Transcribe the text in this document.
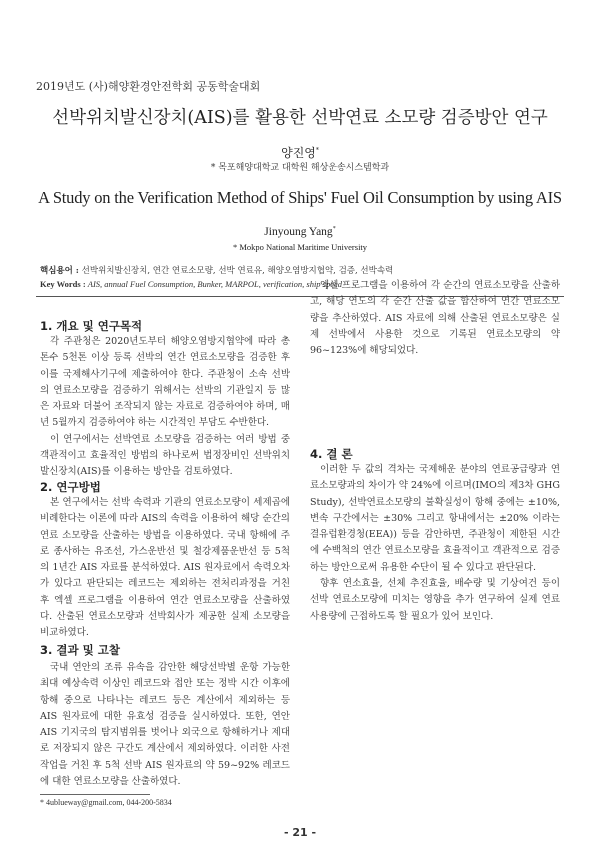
2019년도 (사)해양환경안전학회 공동학술대회
선박위치발신장치(AIS)를 활용한 선박연료 소모량 검증방안 연구
양진영*
* 목포해양대학교 대학원 해상운송시스템학과
A Study on the Verification Method of Ships' Fuel Oil Consumption by using AIS
Jinyoung Yang*
* Mokpo National Maritime University
핵심용어 : 선박위치발신장치, 연간 연료소모량, 선박 연료유, 해양오염방지협약, 검증, 선박속력
Key Words : AIS, annual Fuel Consumption, Bunker, MARPOL, verification, ship speed
1. 개요 및 연구목적

각 주관청은 2020년도부터 해양오염방지협약에 따라 총톤수 5천톤 이상 등록 선박의 연간 연료소모량을 검증한 후 이를 국제해사기구에 제출하여야 한다. 주관청이 소속 선박의 연료소모량을 검증하기 위해서는 선박의 기관일지 등 많은 자료와 더불어 조작되지 않는 자료로 검증하여야 하며, 매년 5월까지 검증하여야 하는 시간적인 부담도 수반한다.

이 연구에서는 선박연료 소모량을 검증하는 여러 방법 중 객관적이고 효율적인 방법의 하나로써 법정장비인 선박위치발신장치(AIS)를 이용하는 방안을 검토하였다.

2. 연구방법

본 연구에서는 선박 속력과 기관의 연료소모량이 세제곱에 비례한다는 이론에 따라 AIS의 속력을 이용하여 해당 순간의 연료 소모량을 산출하는 방법을 이용하였다. 국내 항해에 주로 종사하는 유조선, 가스운반선 및 철강제품운반선 등 5척의 1년간 AIS 자료를 분석하였다. AIS 원자료에서 속력오차가 있다고 판단되는 레코드는 제외하는 전처리과정을 거친 후 엑셀 프로그램을 이용하여 연간 연료소모량을 산출하였다. 산출된 연료소모량과 선박회사가 제공한 실제 소모량을 비교하였다.

3. 결과 및 고찰

국내 연안의 조류 유속을 감안한 해당선박별 운항 가능한 최대 예상속력 이상인 레코드와 접안 또는 정박 시간 이후에 항해 중으로 나타나는 레코드 등은 계산에서 제외하는 등 AIS 원자료에 대한 유효성 검증을 실시하였다. 또한, 연안 AIS 기지국의 탐지범위를 벗어나 외국으로 항해하거나 제대로 저장되지 않은 구간도 계산에서 제외하였다. 이러한 사전 작업을 거친 후 5척 선박 AIS 원자료의 약 59~92% 레코드에 대한 연료소모량을 산출하였다.

엑셀 프로그램을 이용하여 각 순간의 연료소모량을 산출하고, 해당 연도의 각 순간 산출 값을 합산하여 연간 연료소모량을 추산하였다. AIS 자료에 의해 산출된 연료소모량은 실제 선박에서 사용한 것으로 기록된 연료소모량의 약 96~123%에 해당되었다.

4. 결 론

이러한 두 값의 격차는 국제해운 분야의 연료공급량과 연료소모량과의 차이가 약 24%에 이르며(IMO의 제3차 GHG Study), 선박연료소모량의 불확실성이 항해 중에는 ±10%, 변속 구간에서는 ±30% 그리고 항내에서는 ±20% 이라는 결유럽환경청(EEA)) 등을 감안하면, 주관청이 제한된 시간에 수백척의 연간 연료소모량을 효율적이고 객관적으로 검증하는 방안으로써 유용한 수단이 될 수 있다고 판단된다.

향후 연소효율, 선체 추진효율, 배수량 및 기상여건 등이 선박 연료소모량에 미치는 영향을 추가 연구하여 실제 연료사용량에 근접하도록 할 필요가 있어 보인다.

* 4ublueway@gmail.com, 044-200-5834
- 21 -
